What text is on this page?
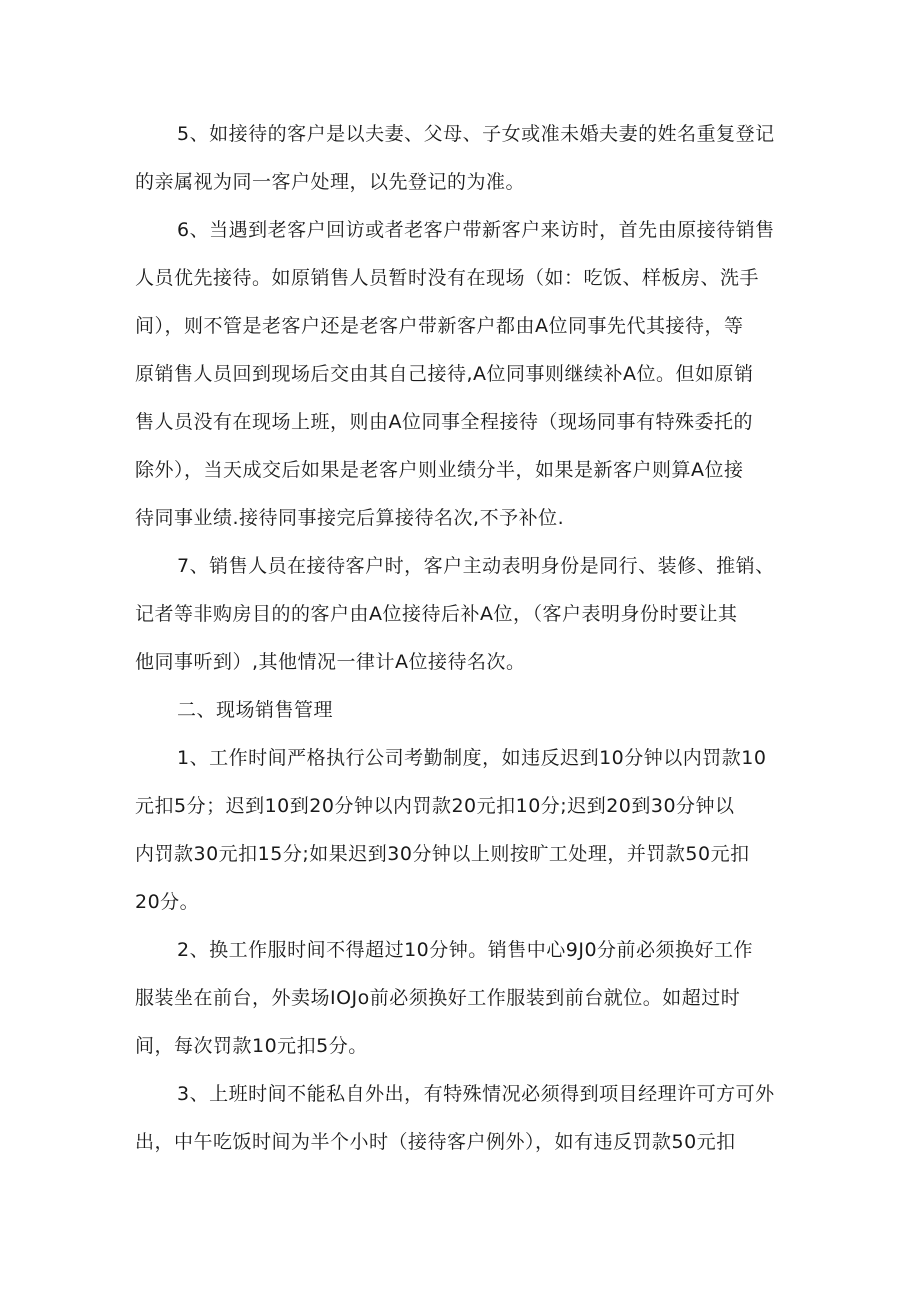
5、如接待的客户是以夫妻、父母、子女或准未婚夫妻的姓名重复登记
的亲属视为同一客户处理，以先登记的为准。
6、当遇到老客户回访或者老客户带新客户来访时，首先由原接待销售
人员优先接待。如原销售人员暂时没有在现场（如：吃饭、样板房、洗手
间），则不管是老客户还是老客户带新客户都由A位同事先代其接待，等
原销售人员回到现场后交由其自己接待,A位同事则继续补A位。但如原销
售人员没有在现场上班，则由A位同事全程接待（现场同事有特殊委托的
除外），当天成交后如果是老客户则业绩分半，如果是新客户则算A位接
待同事业绩.接待同事接完后算接待名次,不予补位.
7、销售人员在接待客户时，客户主动表明身份是同行、装修、推销、
记者等非购房目的的客户由A位接待后补A位，（客户表明身份时要让其
他同事听到）,其他情况一律计A位接待名次。
二、现场销售管理
1、工作时间严格执行公司考勤制度，如违反迟到10分钟以内罚款10
元扣5分；迟到10到20分钟以内罚款20元扣10分;迟到20到30分钟以
内罚款30元扣15分;如果迟到30分钟以上则按旷工处理，并罚款50元扣
20分。
2、换工作服时间不得超过10分钟。销售中心9J0分前必须换好工作
服装坐在前台，外卖场IOJo前必须换好工作服装到前台就位。如超过时
间，每次罚款10元扣5分。
3、上班时间不能私自外出，有特殊情况必须得到项目经理许可方可外
出，中午吃饭时间为半个小时（接待客户例外），如有违反罚款50元扣
